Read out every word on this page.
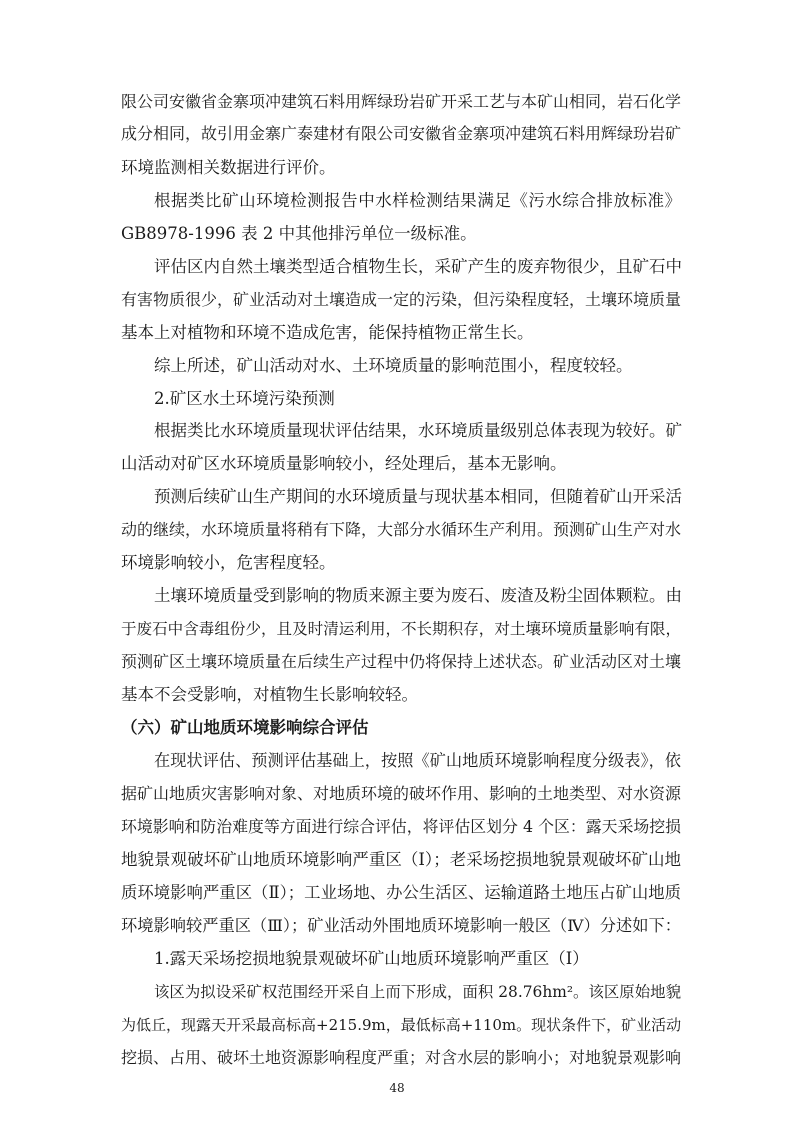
限公司安徽省金寨项冲建筑石料用辉绿玢岩矿开采工艺与本矿山相同，岩石化学
成分相同，故引用金寨广泰建材有限公司安徽省金寨项冲建筑石料用辉绿玢岩矿
环境监测相关数据进行评价。
根据类比矿山环境检测报告中水样检测结果满足《污水综合排放标准》
GB8978-1996 表 2 中其他排污单位一级标准。
评估区内自然土壤类型适合植物生长，采矿产生的废弃物很少，且矿石中
有害物质很少，矿业活动对土壤造成一定的污染，但污染程度轻，土壤环境质量
基本上对植物和环境不造成危害，能保持植物正常生长。
综上所述，矿山活动对水、土环境质量的影响范围小，程度较轻。
2.矿区水土环境污染预测
根据类比水环境质量现状评估结果，水环境质量级别总体表现为较好。矿
山活动对矿区水环境质量影响较小，经处理后，基本无影响。
预测后续矿山生产期间的水环境质量与现状基本相同，但随着矿山开采活
动的继续，水环境质量将稍有下降，大部分水循环生产利用。预测矿山生产对水
环境影响较小，危害程度轻。
土壤环境质量受到影响的物质来源主要为废石、废渣及粉尘固体颗粒。由
于废石中含毒组份少，且及时清运利用，不长期积存，对土壤环境质量影响有限，
预测矿区土壤环境质量在后续生产过程中仍将保持上述状态。矿业活动区对土壤
基本不会受影响，对植物生长影响较轻。
（六）矿山地质环境影响综合评估
在现状评估、预测评估基础上，按照《矿山地质环境影响程度分级表》，依
据矿山地质灾害影响对象、对地质环境的破坏作用、影响的土地类型、对水资源
环境影响和防治难度等方面进行综合评估，将评估区划分 4 个区：露天采场挖损
地貌景观破坏矿山地质环境影响严重区（Ⅰ）；老采场挖损地貌景观破坏矿山地
质环境影响严重区（Ⅱ）；工业场地、办公生活区、运输道路土地压占矿山地质
环境影响较严重区（Ⅲ）；矿业活动外围地质环境影响一般区（Ⅳ）分述如下：
1.露天采场挖损地貌景观破坏矿山地质环境影响严重区（Ⅰ）
该区为拟设采矿权范围经开采自上而下形成，面积 28.76hm²。该区原始地貌
为低丘，现露天开采最高标高+215.9m，最低标高+110m。现状条件下，矿业活动
挖损、占用、破坏土地资源影响程度严重；对含水层的影响小；对地貌景观影响
48
